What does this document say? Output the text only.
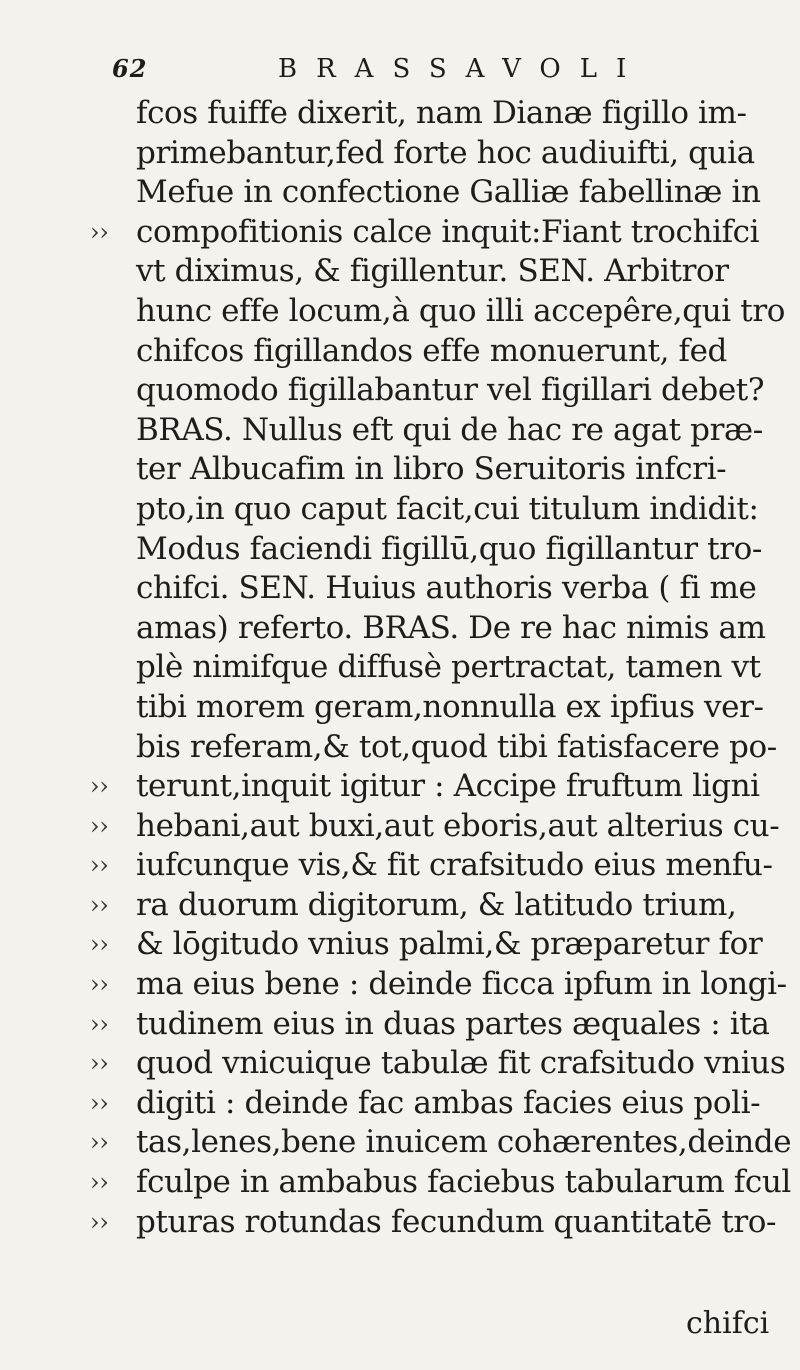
62	BRASSAVOLI
fcos fuiffe dixerit, nam Dianæ figillo im-
primebantur,fed forte hoc audiuifti, quia
Mefue in confectione Galliæ fabellinæ in
›› compofitionis calce inquit:Fiant trochifci
vt diximus, & figillentur. SEN. Arbitror
hunc effe locum,à quo illi accepêre,qui tro
chifcos figillandos effe monuerunt, fed
quomodo figillabantur vel figillari debet?
BRAS. Nullus eft qui de hac re agat præ-
ter Albucafim in libro Seruitoris infcri-
pto,in quo caput facit,cui titulum indidit:
Modus faciendi figillū,quo figillantur tro-
chifci. SEN. Huius authoris verba ( fi me
amas) referto. BRAS. De re hac nimis am
plè nimifque diffusè pertractat, tamen vt
tibi morem geram,nonnulla ex ipfius ver-
bis referam,& tot,quod tibi fatisfacere po-
›› terunt,inquit igitur : Accipe fruftum ligni
›› hebani,aut buxi,aut eboris,aut alterius cu-
›› iufcunque vis,& fit crafsitudo eius menfu-
›› ra duorum digitorum, & latitudo trium,
›› & lōgitudo vnius palmi,& præparetur for
›› ma eius bene : deinde ficca ipfum in longi-
›› tudinem eius in duas partes æquales : ita
›› quod vnicuique tabulæ fit crafsitudo vnius
›› digiti : deinde fac ambas facies eius poli-
›› tas,lenes,bene inuicem cohærentes,deinde
›› fculpe in ambabus faciebus tabularum fcul
›› pturas rotundas fecundum quantitatē tro-
chifci
